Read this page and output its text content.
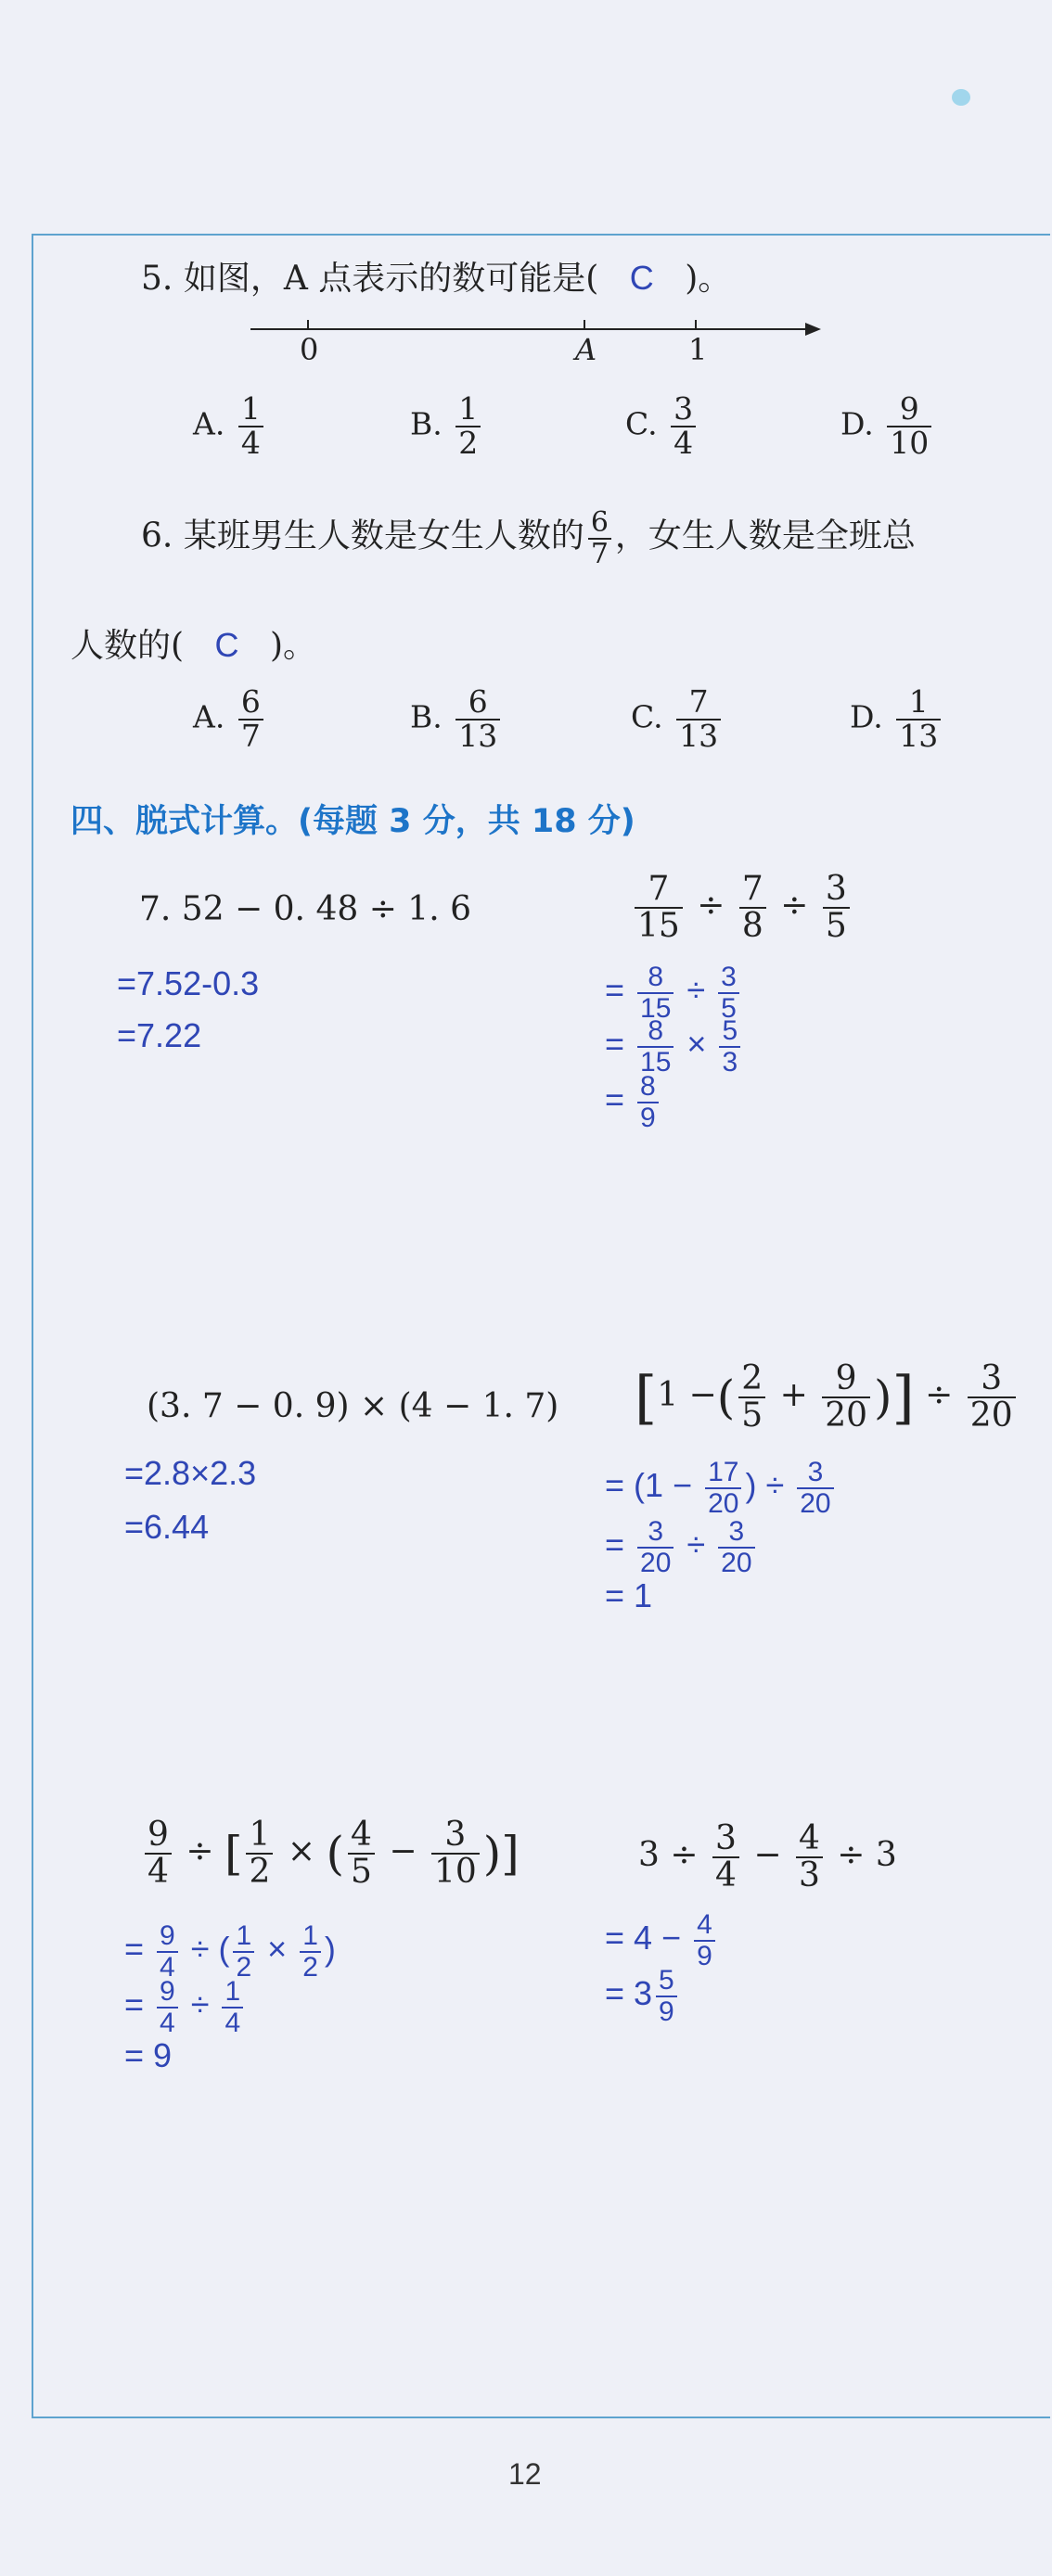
5. 如图，A 点表示的数可能是( C )。
0	A	1
A. $\frac{1}{4}$	B. $\frac{1}{2}$	C. $\frac{3}{4}$	D. $\frac{9}{10}$
6. 某班男生人数是女生人数的 $\frac{6}{7}$ ，女生人数是全班总
人数的( C )。
A. $\frac{6}{7}$	B. $\frac{6}{13}$	C. $\frac{7}{13}$	D. $\frac{1}{13}$
四、脱式计算。(每题 3 分，共 18 分)
7. 52 − 0. 48 ÷ 1. 6
=7.52-0.3
=7.22
$\frac{7}{15} \div \frac{7}{8} \div \frac{3}{5}$
= $\frac{8}{15} \div \frac{3}{5}$
= $\frac{8}{15} \times \frac{5}{3}$
= $\frac{8}{9}$
(3. 7 − 0. 9) × (4 − 1. 7)
=2.8×2.3
=6.44
[1 −( $\frac{2}{5} + \frac{9}{20}$ )] ÷ $\frac{3}{20}$
= ($1 - \frac{17}{20}$ ) ÷ $\frac{3}{20}$
= $\frac{3}{20} \div \frac{3}{20}$
= 1
$\frac{9}{4}$ ÷ [ $\frac{1}{2}$ × ( $\frac{4}{5} - \frac{3}{10}$ )]
= $\frac{9}{4}$ ÷ ( $\frac{1}{2} \times \frac{1}{2}$ )
= $\frac{9}{4} \div \frac{1}{4}$
= 9
$3 \div \frac{3}{4} - \frac{4}{3} \div 3$
= $4 - \frac{4}{9}$
= $3 \frac{5}{9}$
12
